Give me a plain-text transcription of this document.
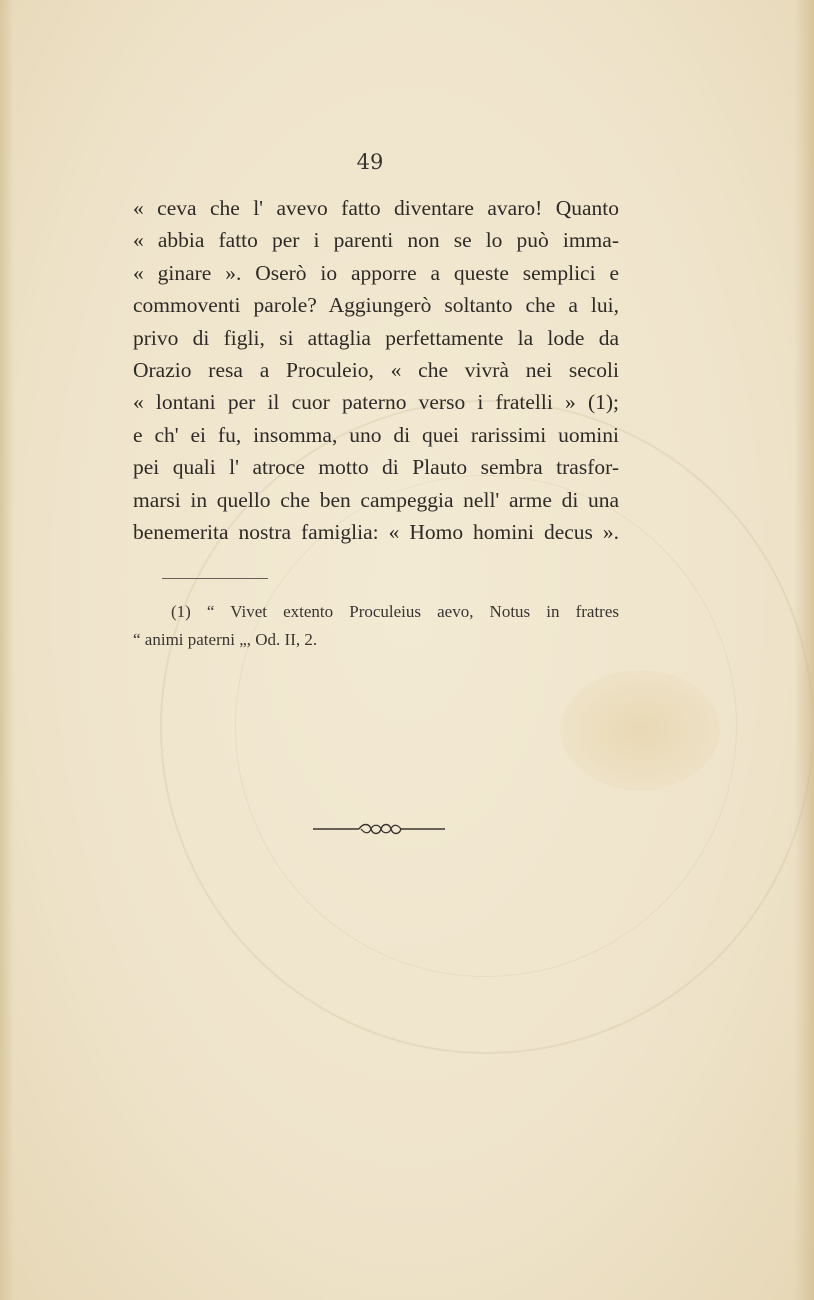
49
« ceva che l' avevo fatto diventare avaro! Quanto
« abbia fatto per i parenti non se lo può imma-
« ginare ». Oserò io apporre a queste semplici e
commoventi parole? Aggiungerò soltanto che a lui,
privo di figli, si attaglia perfettamente la lode da
Orazio resa a Proculeio, « che vivrà nei secoli
« lontani per il cuor paterno verso i fratelli » (1);
e ch' ei fu, insomma, uno di quei rarissimi uomini
pei quali l' atroce motto di Plauto sembra trasfor-
marsi in quello che ben campeggia nell' arme di una
benemerita nostra famiglia: « Homo homini decus ».
(1) “ Vivet extento Proculeius aevo, Notus in fratres
“ animi paterni „, Od. II, 2.
